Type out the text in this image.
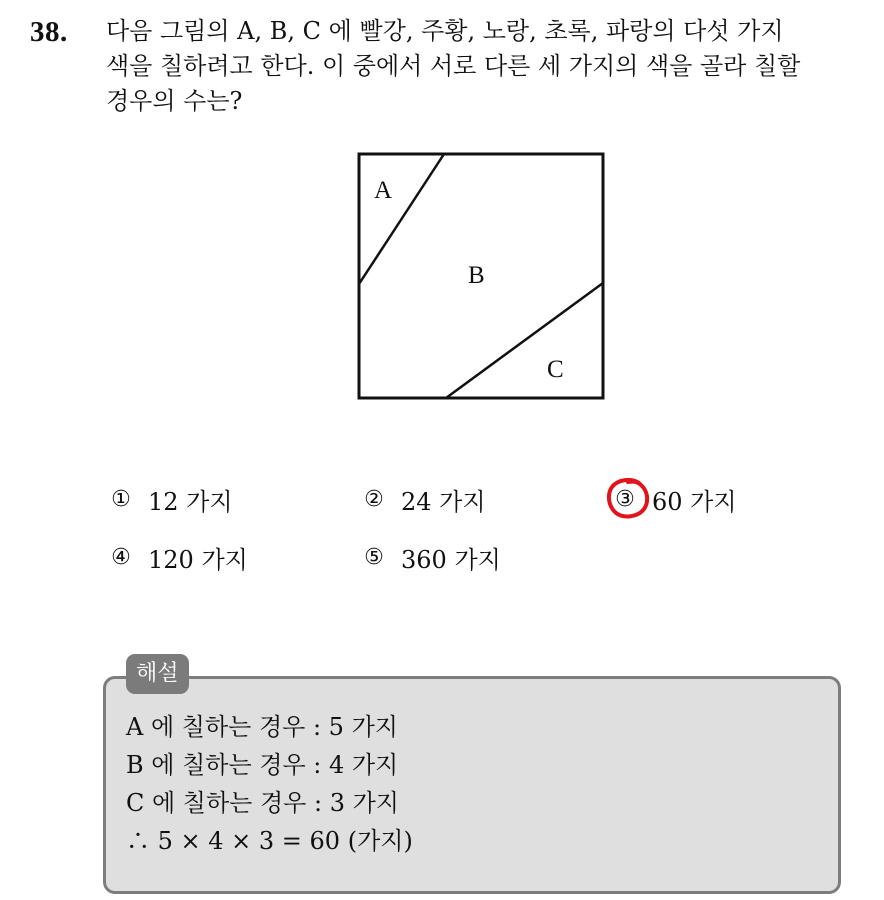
38. 다음 그림의 A, B, C 에 빨강, 주황, 노랑, 초록, 파랑의 다섯 가지
색을 칠하려고 한다. 이 중에서 서로 다른 세 가지의 색을 골라 칠할
경우의 수는?

A
B
C
① 12 가지	② 24 가지	③ 60 가지
④ 120 가지	⑤ 360 가지
해설
A 에 칠하는 경우 : 5 가지
B 에 칠하는 경우 : 4 가지
C 에 칠하는 경우 : 3 가지
∴ 5 × 4 × 3 = 60 (가지)
